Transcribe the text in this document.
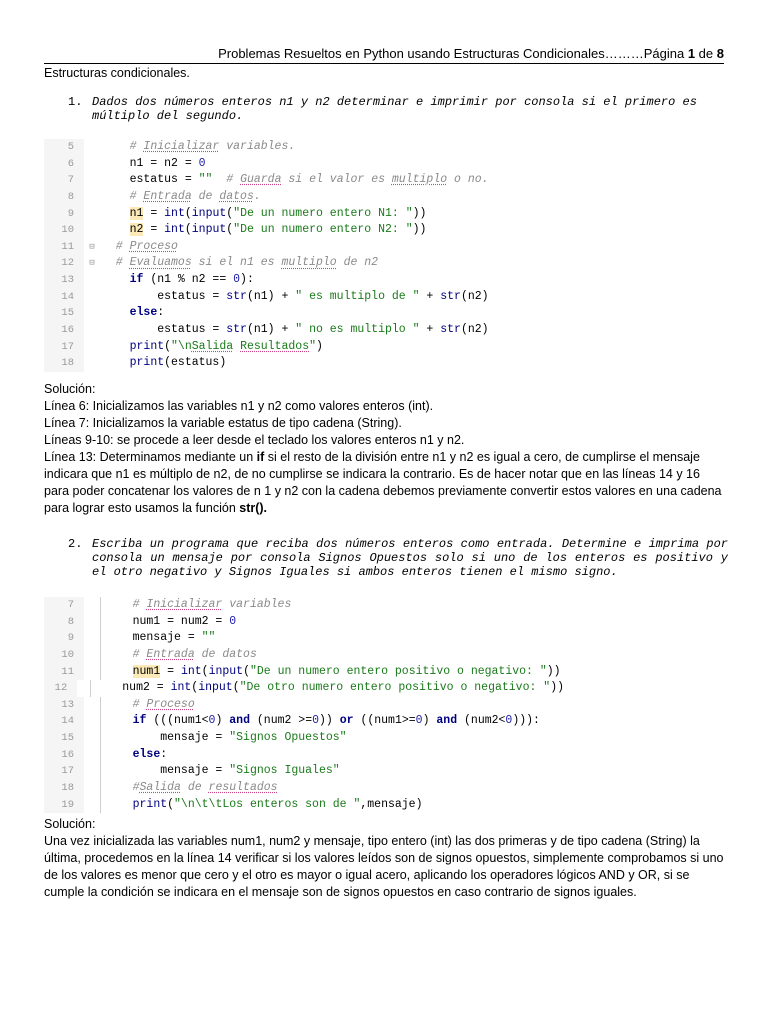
Problemas Resueltos en Python usando Estructuras Condicionales………Página 1 de 8
Estructuras condicionales.
1. Dados dos números enteros n1 y n2 determinar e imprimir por consola si el primero es múltiplo del segundo.
5	# Inicializar variables.
6	n1 = n2 = 0
7	estatus = "" # Guarda si el valor es multiplo o no.
8	# Entrada de datos.
9	n1 = int(input("De un numero entero N1: "))
10	n2 = int(input("De un numero entero N2: "))
11	⊟ # Proceso
12	⊟ # Evaluamos si el n1 es multiplo de n2
13	if (n1 % n2 == 0):
14	estatus = str(n1) + " es multiplo de " + str(n2)
15	else:
16	estatus = str(n1) + " no es multiplo " + str(n2)
17	print("\nSalida Resultados")
18	print(estatus)
Solución:
Línea 6: Inicializamos las variables n1 y n2 como valores enteros (int).
Línea 7: Inicializamos la variable estatus de tipo cadena (String).
Líneas 9-10: se procede a leer desde el teclado los valores enteros n1 y n2.
Línea 13: Determinamos mediante un if si el resto de la división entre n1 y n2 es igual a cero, de cumplirse el mensaje indicara que n1 es múltiplo de n2, de no cumplirse se indicara la contrario. Es de hacer notar que en las líneas 14 y 16 para poder concatenar los valores de n 1 y n2 con la cadena debemos previamente convertir estos valores en una cadena para lograr esto usamos la función str().
2. Escriba un programa que reciba dos números enteros como entrada. Determine e imprima por consola un mensaje por consola Signos Opuestos solo si uno de los enteros es positivo y el otro negativo y Signos Iguales si ambos enteros tienen el mismo signo.
7	# Inicializar variables
8	num1 = num2 = 0
9	mensaje = ""
10	# Entrada de datos
11	num1 = int(input("De un numero entero positivo o negativo: "))
12	num2 = int(input("De otro numero entero positivo o negativo: "))
13	# Proceso
14	if (((num1<0) and (num2 >=0)) or ((num1>=0) and (num2<0))):
15	mensaje = "Signos Opuestos"
16	else:
17	mensaje = "Signos Iguales"
18	#Salida de resultados
19	print("\n\t\tLos enteros son de ",mensaje)
Solución:
Una vez inicializada las variables num1, num2 y mensaje, tipo entero (int) las dos primeras y de tipo cadena (String) la última, procedemos en la línea 14 verificar si los valores leídos son de signos opuestos, simplemente comprobamos si uno de los valores es menor que cero y el otro es mayor o igual acero, aplicando los operadores lógicos AND y OR, si se cumple la condición se indicara en el mensaje son de signos opuestos en caso contrario de signos iguales.
